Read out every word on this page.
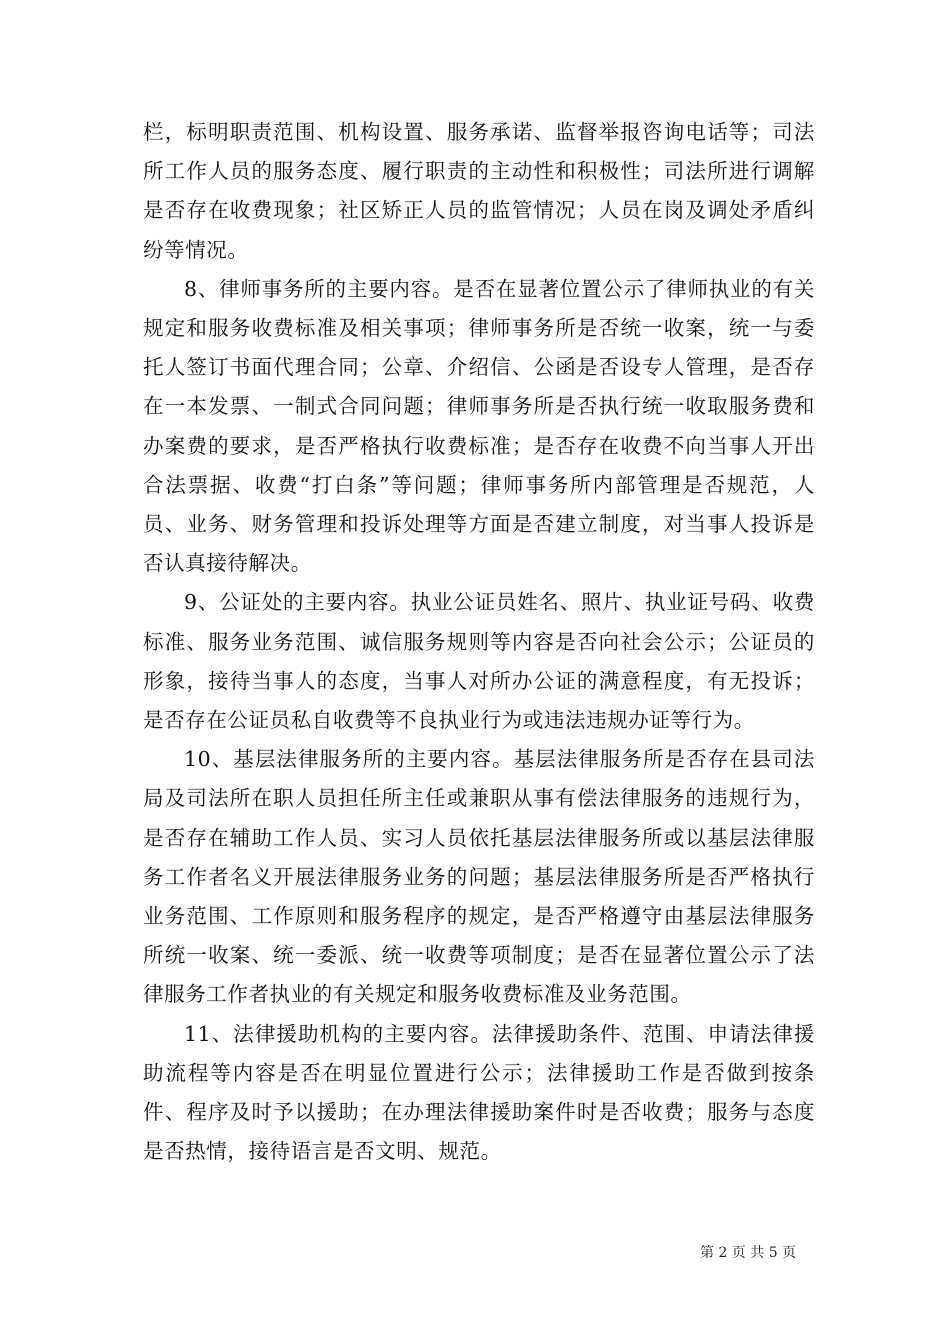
栏，标明职责范围、机构设置、服务承诺、监督举报咨询电话等；司法所工作人员的服务态度、履行职责的主动性和积极性；司法所进行调解是否存在收费现象；社区矫正人员的监管情况；人员在岗及调处矛盾纠纷等情况。

8、律师事务所的主要内容。是否在显著位置公示了律师执业的有关规定和服务收费标准及相关事项；律师事务所是否统一收案，统一与委托人签订书面代理合同；公章、介绍信、公函是否设专人管理，是否存在一本发票、一制式合同问题；律师事务所是否执行统一收取服务费和办案费的要求，是否严格执行收费标准；是否存在收费不向当事人开出合法票据、收费“打白条”等问题；律师事务所内部管理是否规范，人员、业务、财务管理和投诉处理等方面是否建立制度，对当事人投诉是否认真接待解决。

9、公证处的主要内容。执业公证员姓名、照片、执业证号码、收费标准、服务业务范围、诚信服务规则等内容是否向社会公示；公证员的形象，接待当事人的态度，当事人对所办公证的满意程度，有无投诉；是否存在公证员私自收费等不良执业行为或违法违规办证等行为。

10、基层法律服务所的主要内容。基层法律服务所是否存在县司法局及司法所在职人员担任所主任或兼职从事有偿法律服务的违规行为，是否存在辅助工作人员、实习人员依托基层法律服务所或以基层法律服务工作者名义开展法律服务业务的问题；基层法律服务所是否严格执行业务范围、工作原则和服务程序的规定，是否严格遵守由基层法律服务所统一收案、统一委派、统一收费等项制度；是否在显著位置公示了法律服务工作者执业的有关规定和服务收费标准及业务范围。

11、法律援助机构的主要内容。法律援助条件、范围、申请法律援助流程等内容是否在明显位置进行公示；法律援助工作是否做到按条件、程序及时予以援助；在办理法律援助案件时是否收费；服务与态度是否热情，接待语言是否文明、规范。

第 2 页 共 5 页
